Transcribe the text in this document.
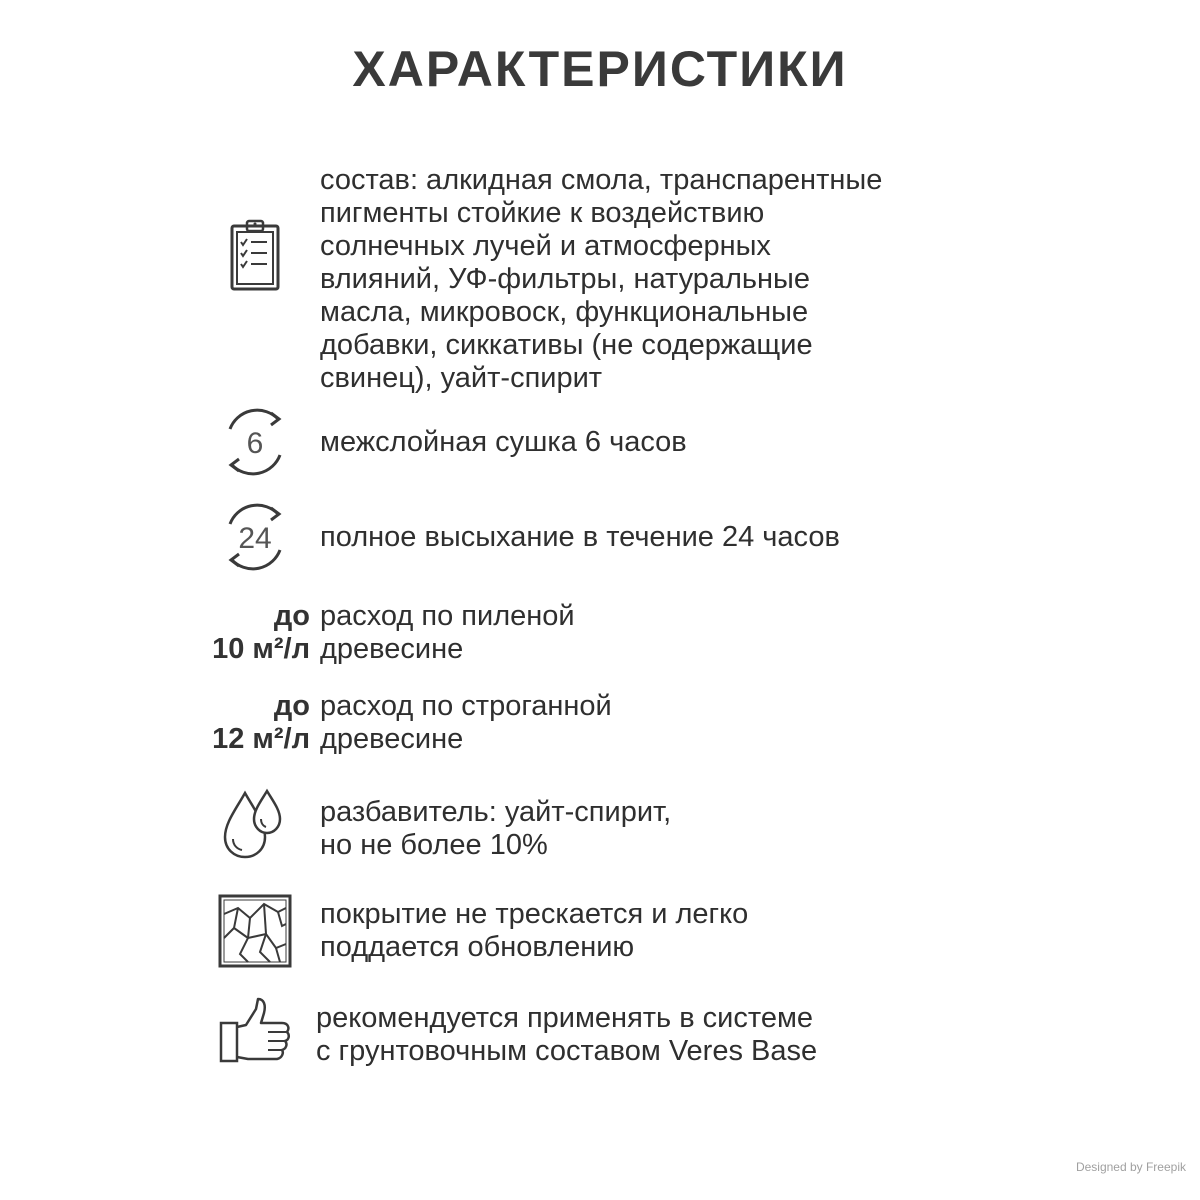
ХАРАКТЕРИСТИКИ
состав: алкидная смола, транспарентные
пигменты стойкие к воздействию
солнечных лучей и атмосферных
влияний, УФ-фильтры, натуральные
масла, микровоск, функциональные
добавки, сиккативы (не содержащие
свинец), уайт-спирит
6 межслойная сушка 6 часов
24 полное высыхание в течение 24 часов
до
10 м²/л
расход по пиленой
древесине
до
12 м²/л
расход по строганной
древесине
разбавитель: уайт-спирит,
но не более 10%
покрытие не трескается и легко
поддается обновлению
рекомендуется применять в системе
с грунтовочным составом Veres Base
Designed by Freepik
